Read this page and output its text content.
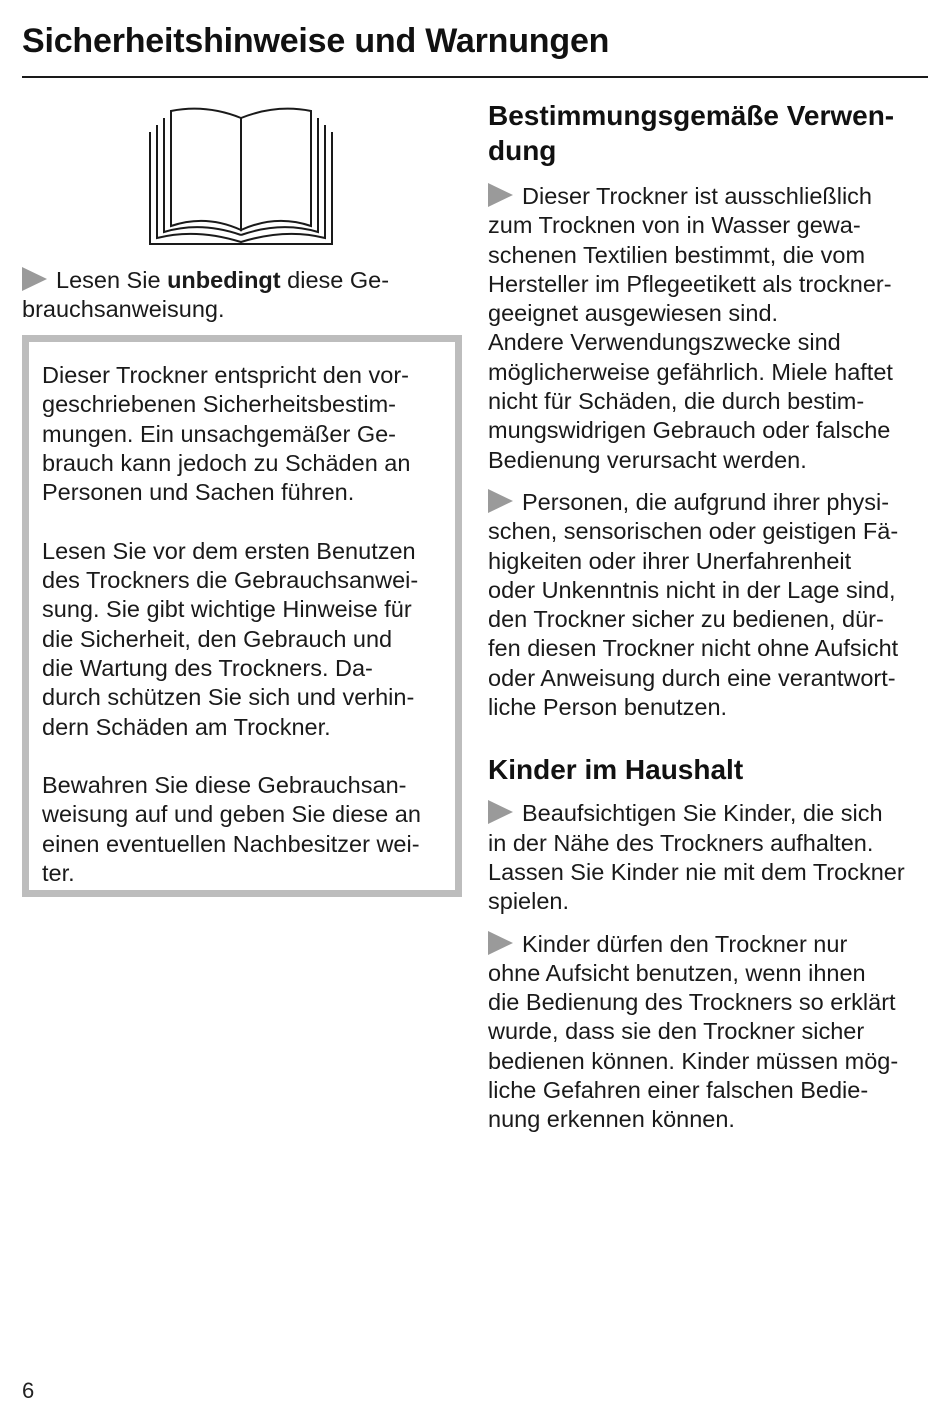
Sicherheitshinweise und Warnungen
Lesen Sie unbedingt diese Ge-
brauchsanweisung.

Dieser Trockner entspricht den vor-
geschriebenen Sicherheitsbestim-
mungen. Ein unsachgemäßer Ge-
brauch kann jedoch zu Schäden an
Personen und Sachen führen.

Lesen Sie vor dem ersten Benutzen
des Trockners die Gebrauchsanwei-
sung. Sie gibt wichtige Hinweise für
die Sicherheit, den Gebrauch und
die Wartung des Trockners. Da-
durch schützen Sie sich und verhin-
dern Schäden am Trockner.

Bewahren Sie diese Gebrauchsan-
weisung auf und geben Sie diese an
einen eventuellen Nachbesitzer wei-
ter.

Bestimmungsgemäße Verwen-
dung

Dieser Trockner ist ausschließlich
zum Trocknen von in Wasser gewa-
schenen Textilien bestimmt, die vom
Hersteller im Pflegeetikett als trockner-
geeignet ausgewiesen sind.
Andere Verwendungszwecke sind
möglicherweise gefährlich. Miele haftet
nicht für Schäden, die durch bestim-
mungswidrigen Gebrauch oder falsche
Bedienung verursacht werden.

Personen, die aufgrund ihrer physi-
schen, sensorischen oder geistigen Fä-
higkeiten oder ihrer Unerfahrenheit
oder Unkenntnis nicht in der Lage sind,
den Trockner sicher zu bedienen, dür-
fen diesen Trockner nicht ohne Aufsicht
oder Anweisung durch eine verantwort-
liche Person benutzen.

Kinder im Haushalt

Beaufsichtigen Sie Kinder, die sich
in der Nähe des Trockners aufhalten.
Lassen Sie Kinder nie mit dem Trockner
spielen.

Kinder dürfen den Trockner nur
ohne Aufsicht benutzen, wenn ihnen
die Bedienung des Trockners so erklärt
wurde, dass sie den Trockner sicher
bedienen können. Kinder müssen mög-
liche Gefahren einer falschen Bedie-
nung erkennen können.

6
